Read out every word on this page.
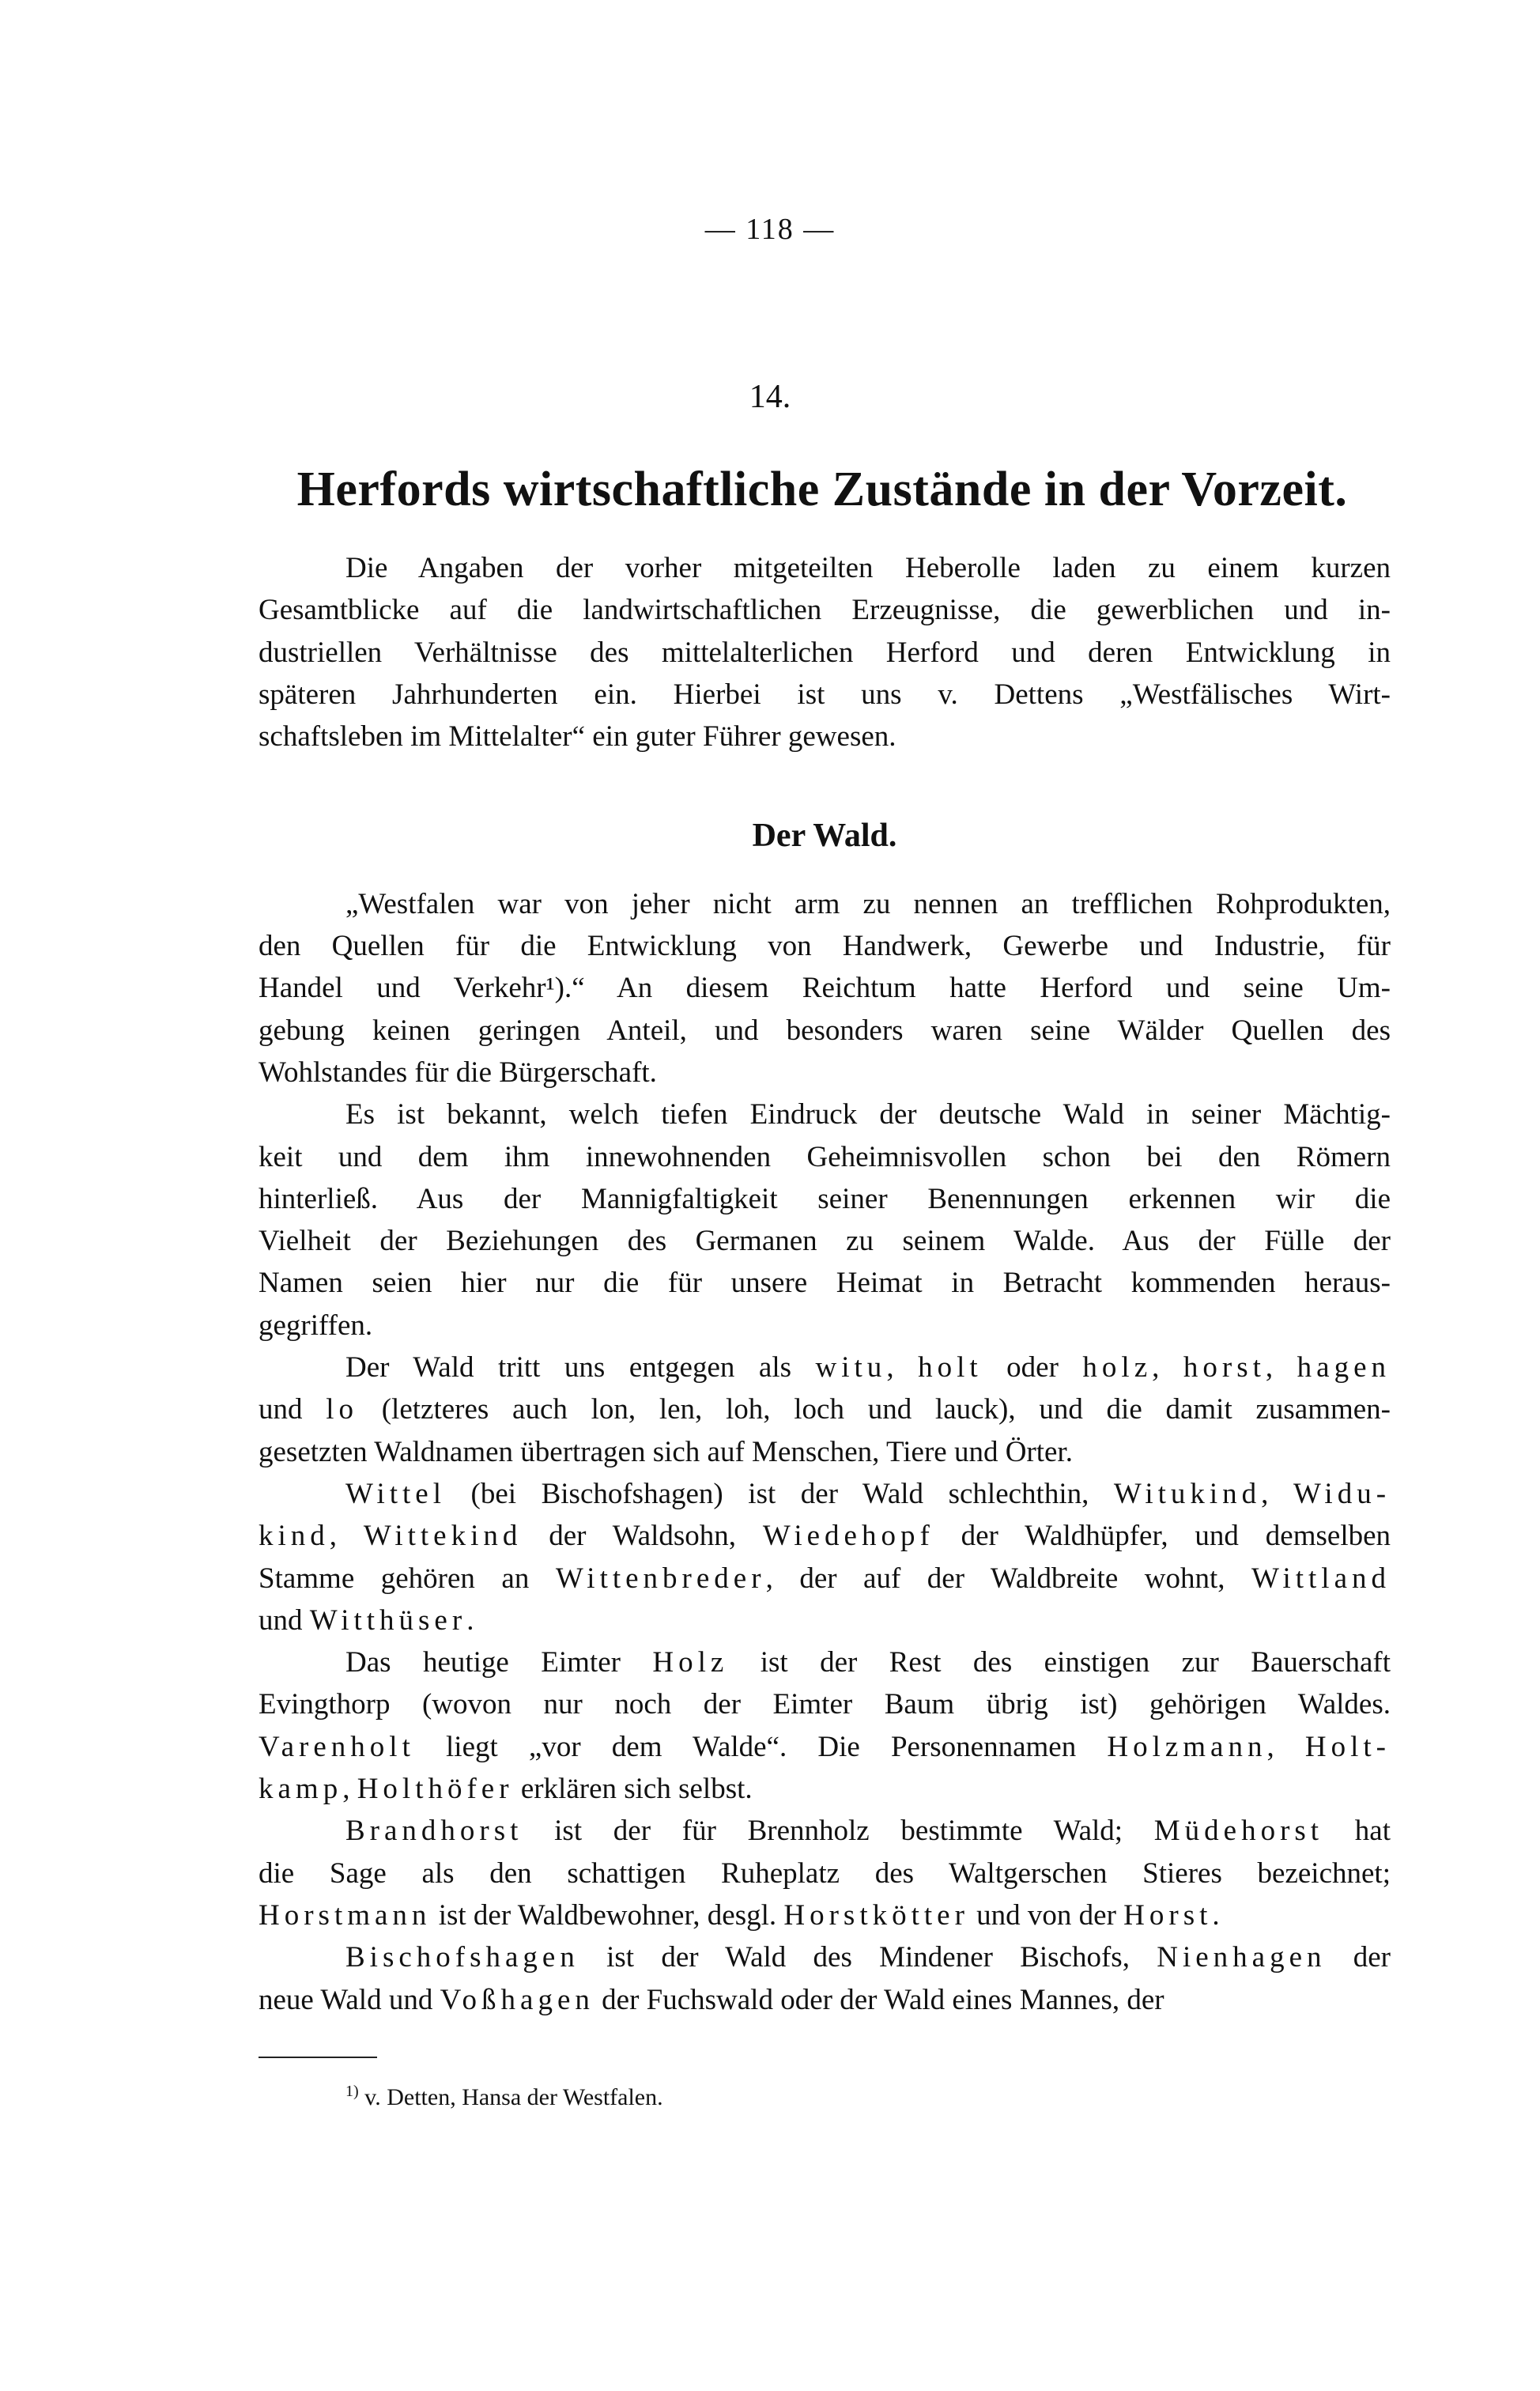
— 118 —
14.
Herfords wirtschaftliche Zustände in der Vorzeit.
Die Angaben der vorher mitgeteilten Heberolle laden zu einem kurzen
Gesamtblicke auf die landwirtschaftlichen Erzeugnisse, die gewerblichen und in-
dustriellen Verhältnisse des mittelalterlichen Herford und deren Entwicklung in
späteren Jahrhunderten ein. Hierbei ist uns v. Dettens „Westfälisches Wirt-
schaftsleben im Mittelalter“ ein guter Führer gewesen.
Der Wald.
„Westfalen war von jeher nicht arm zu nennen an trefflichen Rohprodukten,
den Quellen für die Entwicklung von Handwerk, Gewerbe und Industrie, für
Handel und Verkehr¹).“ An diesem Reichtum hatte Herford und seine Um-
gebung keinen geringen Anteil, und besonders waren seine Wälder Quellen des
Wohlstandes für die Bürgerschaft.
Es ist bekannt, welch tiefen Eindruck der deutsche Wald in seiner Mächtig-
keit und dem ihm innewohnenden Geheimnisvollen schon bei den Römern
hinterließ. Aus der Mannigfaltigkeit seiner Benennungen erkennen wir die
Vielheit der Beziehungen des Germanen zu seinem Walde. Aus der Fülle der
Namen seien hier nur die für unsere Heimat in Betracht kommenden heraus-
gegriffen.
Der Wald tritt uns entgegen als witu, holt oder holz, horst, hagen
und lo (letzteres auch lon, len, loh, loch und lauck), und die damit zusammen-
gesetzten Waldnamen übertragen sich auf Menschen, Tiere und Örter.
Wittel (bei Bischofshagen) ist der Wald schlechthin, Witukind, Widu-
kind, Wittekind der Waldsohn, Wiedehopf der Waldhüpfer, und demselben
Stamme gehören an Wittenbreder, der auf der Waldbreite wohnt, Wittland
und Witthüser.
Das heutige Eimter Holz ist der Rest des einstigen zur Bauerschaft
Evingthorp (wovon nur noch der Eimter Baum übrig ist) gehörigen Waldes.
Varenholt liegt „vor dem Walde“. Die Personennamen Holzmann, Holt-
kamp, Holthöfer erklären sich selbst.
Brandhorst ist der für Brennholz bestimmte Wald; Müdehorst hat
die Sage als den schattigen Ruheplatz des Waltgerschen Stieres bezeichnet;
Horstmann ist der Waldbewohner, desgl. Horstkötter und von der Horst.
Bischofshagen ist der Wald des Mindener Bischofs, Nienhagen der
neue Wald und Voßhagen der Fuchswald oder der Wald eines Mannes, der
$^{1)}$ v. Detten, Hansa der Westfalen.
